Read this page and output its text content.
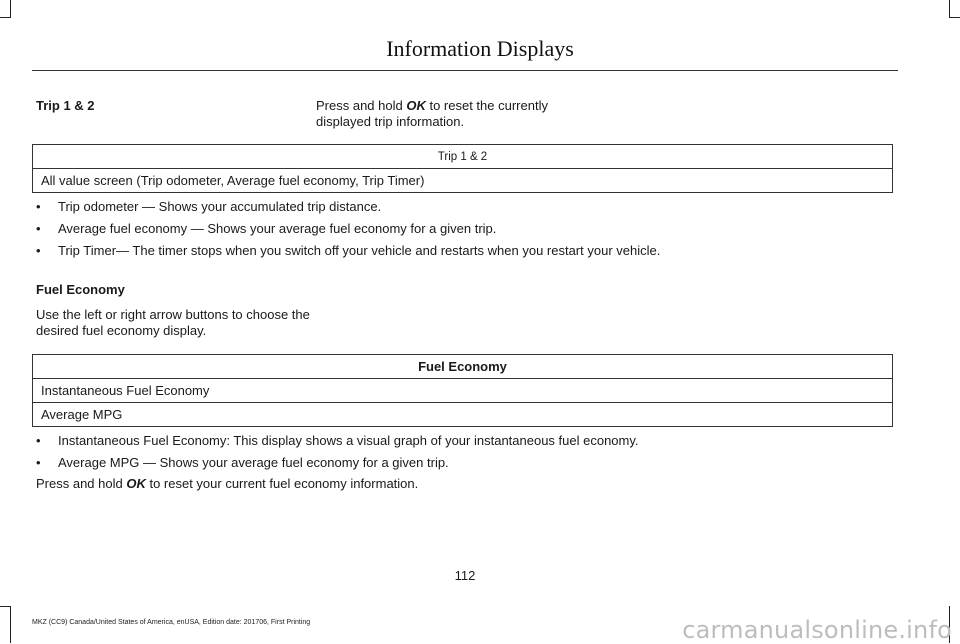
Information Displays
Trip 1 & 2	Press and hold OK to reset the currently displayed trip information.
Trip 1 & 2
All value screen (Trip odometer, Average fuel economy, Trip Timer)
• Trip odometer — Shows your accumulated trip distance.
• Average fuel economy — Shows your average fuel economy for a given trip.
• Trip Timer— The timer stops when you switch off your vehicle and restarts when you restart your vehicle.
Fuel Economy
Use the left or right arrow buttons to choose the desired fuel economy display.
Fuel Economy
Instantaneous Fuel Economy
Average MPG
• Instantaneous Fuel Economy: This display shows a visual graph of your instantaneous fuel economy.
• Average MPG — Shows your average fuel economy for a given trip.
Press and hold OK to reset your current fuel economy information.
112
MKZ (CC9) Canada/United States of America, enUSA, Edition date: 201706, First Printing	carmanualsonline.info
